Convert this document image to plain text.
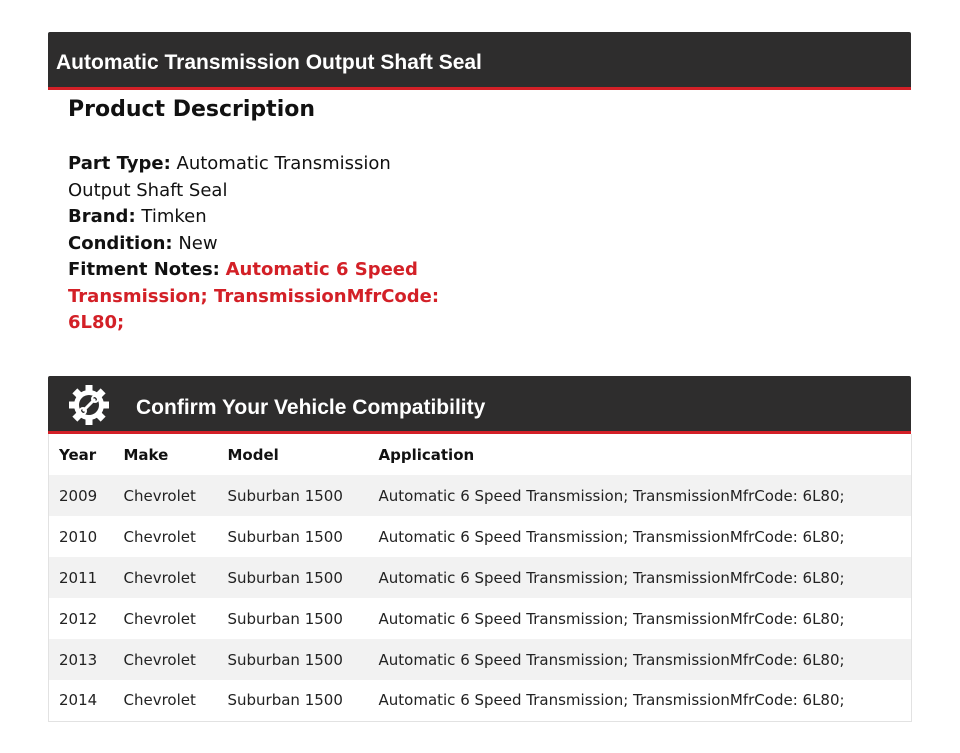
Automatic Transmission Output Shaft Seal
Product Description
Part Type: Automatic Transmission Output Shaft Seal
Brand: Timken
Condition: New
Fitment Notes: Automatic 6 Speed Transmission; TransmissionMfrCode: 6L80;
Confirm Your Vehicle Compatibility
Year	Make	Model	Application
2009	Chevrolet	Suburban 1500	Automatic 6 Speed Transmission; TransmissionMfrCode: 6L80;
2010	Chevrolet	Suburban 1500	Automatic 6 Speed Transmission; TransmissionMfrCode: 6L80;
2011	Chevrolet	Suburban 1500	Automatic 6 Speed Transmission; TransmissionMfrCode: 6L80;
2012	Chevrolet	Suburban 1500	Automatic 6 Speed Transmission; TransmissionMfrCode: 6L80;
2013	Chevrolet	Suburban 1500	Automatic 6 Speed Transmission; TransmissionMfrCode: 6L80;
2014	Chevrolet	Suburban 1500	Automatic 6 Speed Transmission; TransmissionMfrCode: 6L80;
